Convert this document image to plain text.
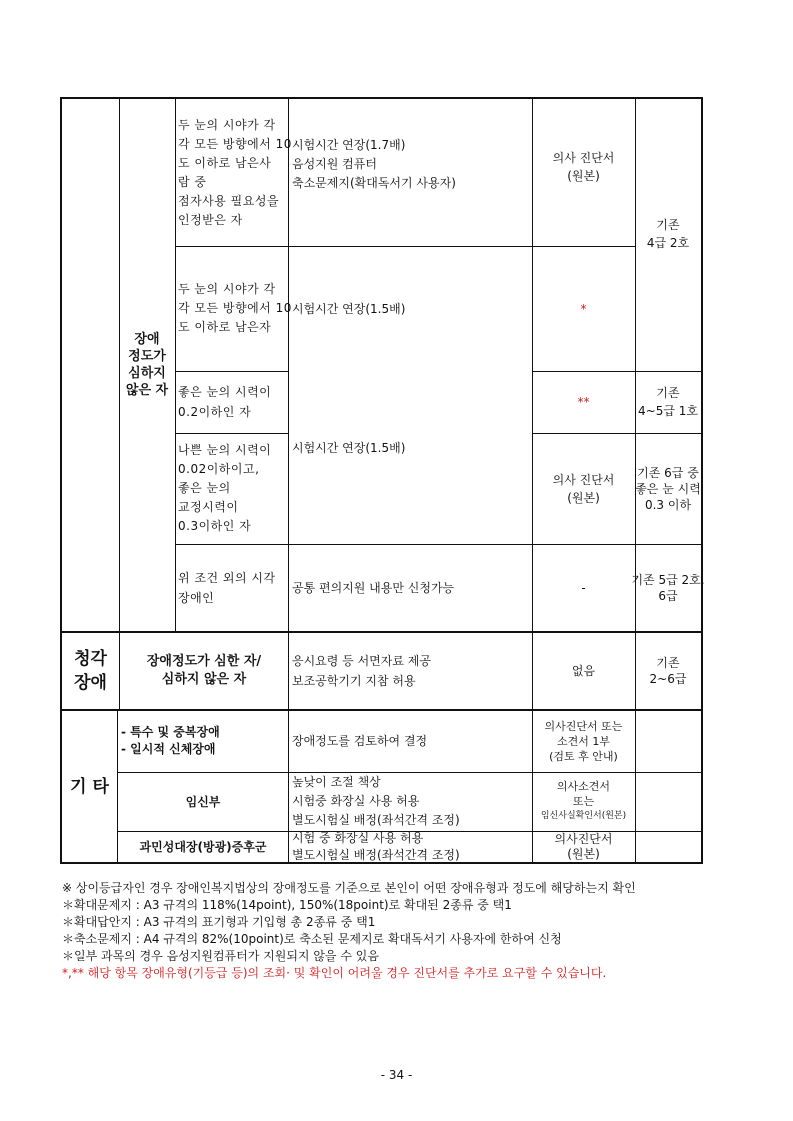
장애
정도가
심하지
않은 자
두 눈의 시야가 각
각 모든 방향에서 10
도 이하로 남은사
람 중
점자사용 필요성을
인정받은 자
시험시간 연장(1.7배)
음성지원 컴퓨터
축소문제지(확대독서기 사용자)
의사 진단서
(원본)
기존
4급 2호
두 눈의 시야가 각
각 모든 방향에서 10
도 이하로 남은자
시험시간 연장(1.5배)	*
좋은 눈의 시력이
0.2이하인 자
**
기존
4~5급 1호
시험시간 연장(1.5배)
나쁜 눈의 시력이
0.02이하이고,
좋은 눈의
교정시력이
0.3이하인 자
의사 진단서
(원본)
기존 6급 중
좋은 눈 시력
0.3 이하
위 조건 외의 시각
장애인
공통 편의지원 내용만 신청가능	-
기존 5급 2호,
6급
청각
장애
장애정도가 심한 자/
심하지 않은 자
응시요령 등 서면자료 제공
보조공학기기 지참 허용
없음
기존
2~6급
기 타
- 특수 및 중복장애
- 일시적 신체장애
장애정도를 검토하여 결정
의사진단서 또는
소견서 1부
(검토 후 안내)
임신부
높낮이 조절 책상
시험중 화장실 사용 허용
별도시험실 배정(좌석간격 조정)
의사소견서
또는
임신사실확인서(원본)
과민성대장(방광)증후군
시험 중 화장실 사용 허용
별도시험실 배정(좌석간격 조정)
의사진단서
(원본)
※ 상이등급자인 경우 장애인복지법상의 장애정도를 기준으로 본인이 어떤 장애유형과 정도에 해당하는지 확인
＊확대문제지 : A3 규격의 118%(14point), 150%(18point)로 확대된 2종류 중 택1
＊확대답안지 : A3 규격의 표기형과 기입형 총 2종류 중 택1
＊축소문제지 : A4 규격의 82%(10point)로 축소된 문제지로 확대독서기 사용자에 한하여 신청
＊일부 과목의 경우 음성지원컴퓨터가 지원되지 않을 수 있음
*,** 해당 항목 장애유형(기등급 등)의 조회· 및 확인이 어려울 경우 진단서를 추가로 요구할 수 있습니다.
- 34 -
